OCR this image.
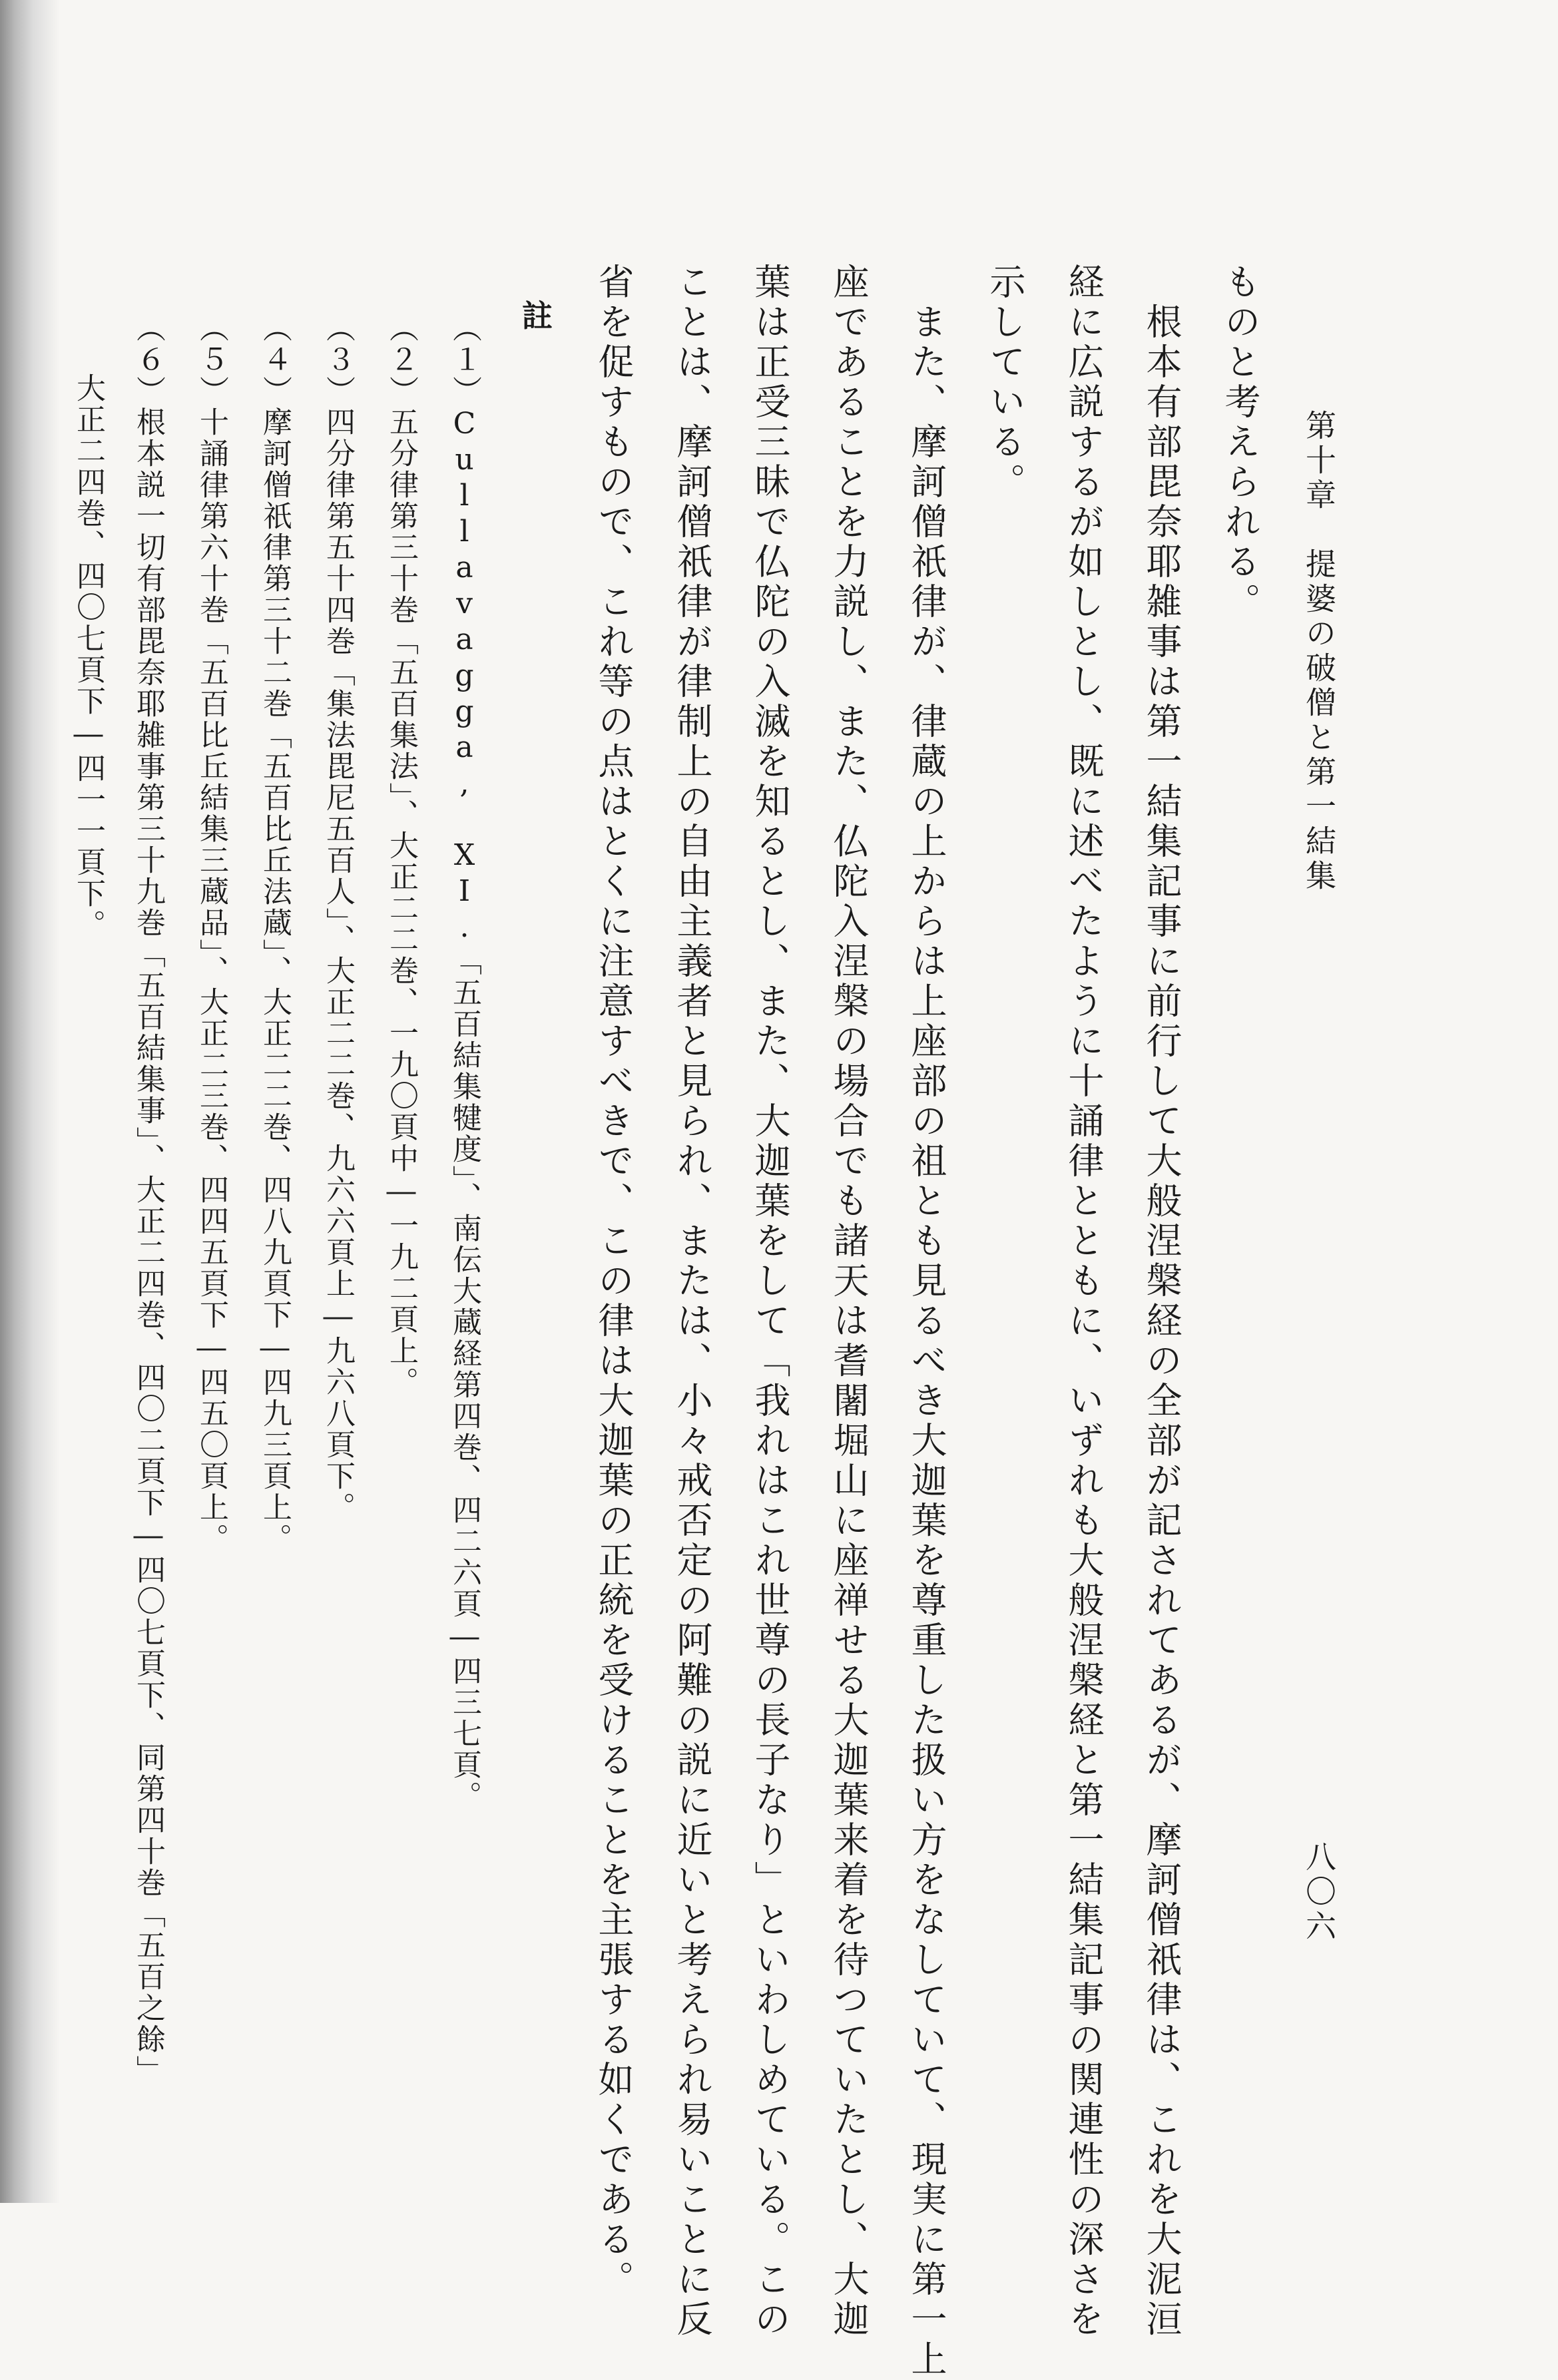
第十章　提婆の破僧と第一結集
八〇六
ものと考えられる。
　根本有部毘奈耶雑事は第一結集記事に前行して大般涅槃経の全部が記されてあるが、摩訶僧祇律は、これを大泥洹
経に広説するが如しとし、既に述べたように十誦律とともに、いずれも大般涅槃経と第一結集記事の関連性の深さを
示している。
　また、摩訶僧祇律が、律蔵の上からは上座部の祖とも見るべき大迦葉を尊重した扱い方をなしていて、現実に第一上
座であることを力説し、また、仏陀入涅槃の場合でも諸天は耆闍堀山に座禅せる大迦葉来着を待つていたとし、大迦
葉は正受三昧で仏陀の入滅を知るとし、また、大迦葉をして「我れはこれ世尊の長子なり」といわしめている。この
ことは、摩訶僧祇律が律制上の自由主義者と見られ、または、小々戒否定の阿難の説に近いと考えられ易いことに反
省を促すもので、これ等の点はとくに注意すべきで、この律は大迦葉の正統を受けることを主張する如くである。
註
（１）Cullavagga, XI.「五百結集犍度」、南伝大蔵経第四巻、四二六頁―四三七頁。
（２）五分律第三十巻「五百集法」、大正二二巻、一九〇頁中―一九二頁上。
（３）四分律第五十四巻「集法毘尼五百人」、大正二二巻、九六六頁上―九六八頁下。
（４）摩訶僧祇律第三十二巻「五百比丘法蔵」、大正二二巻、四八九頁下―四九三頁上。
（５）十誦律第六十巻「五百比丘結集三蔵品」、大正二三巻、四四五頁下―四五〇頁上。
（６）根本説一切有部毘奈耶雑事第三十九巻「五百結集事」、大正二四巻、四〇二頁下―四〇七頁下、同第四十巻「五百之餘」
大正二四巻、四〇七頁下―四一一頁下。
